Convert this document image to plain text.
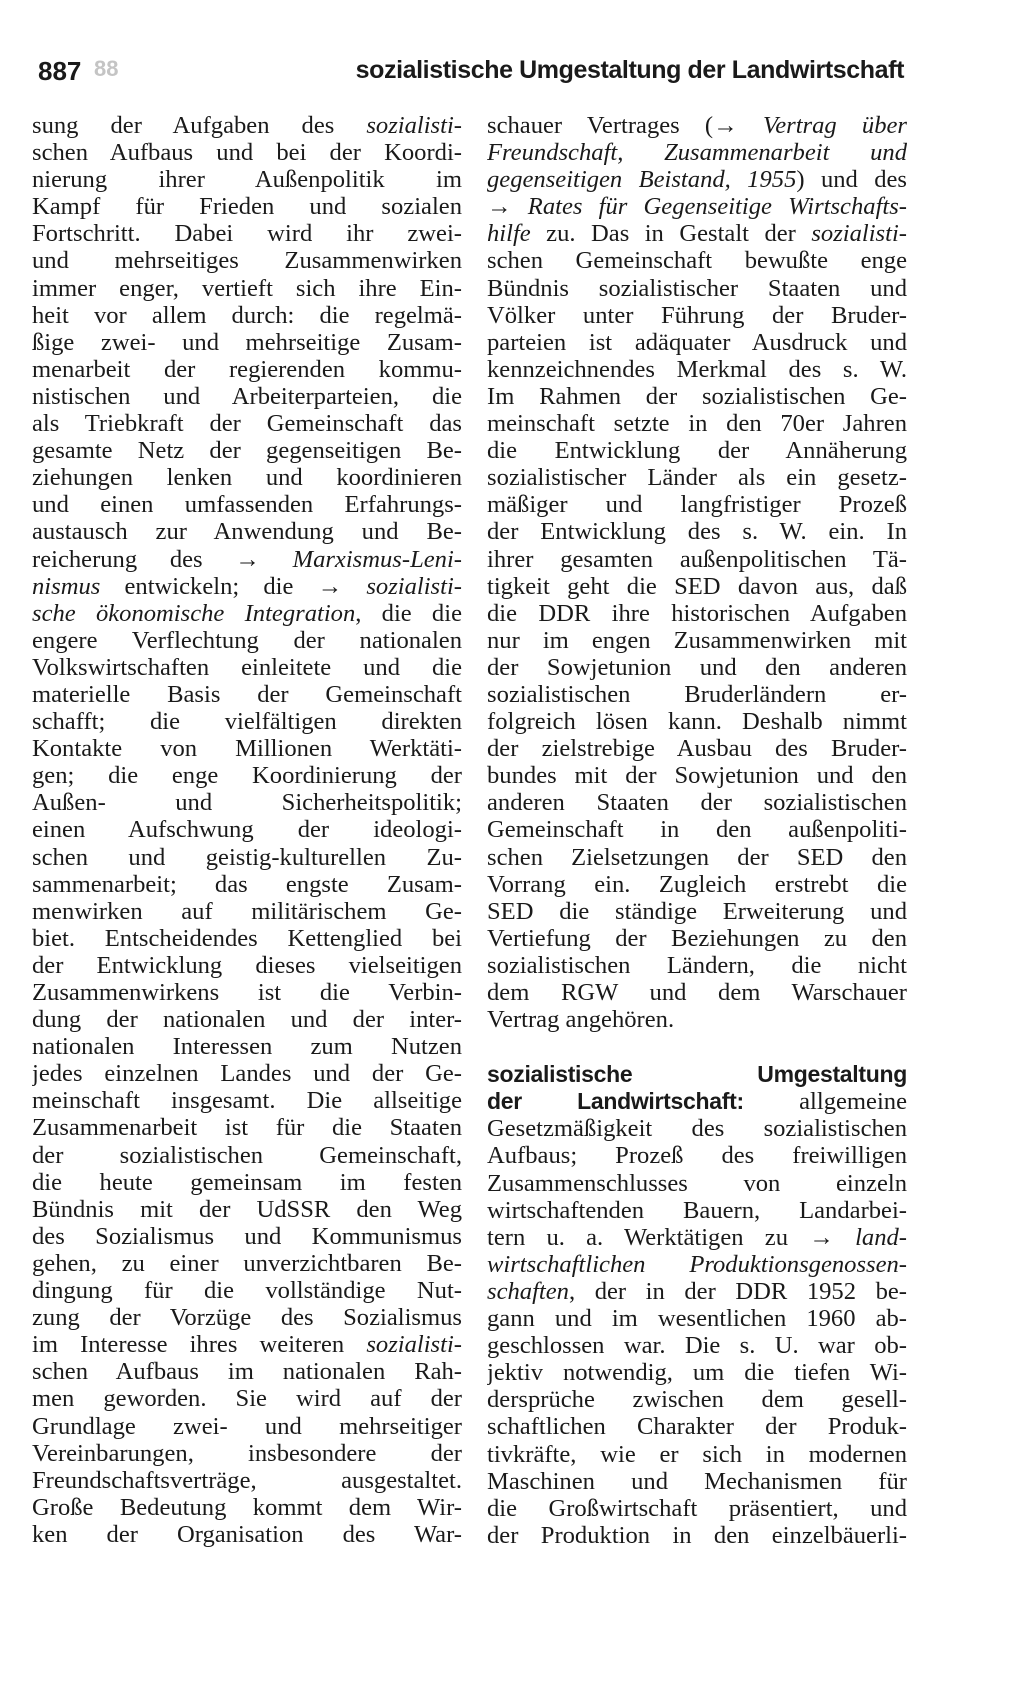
887 88	sozialistische Umgestaltung der Landwirtschaft
sung der Aufgaben des sozialisti-
schen Aufbaus und bei der Koordi-
nierung ihrer Außenpolitik im
Kampf für Frieden und sozialen
Fortschritt. Dabei wird ihr zwei-
und mehrseitiges Zusammenwirken
immer enger, vertieft sich ihre Ein-
heit vor allem durch: die regelmä-
ßige zwei- und mehrseitige Zusam-
menarbeit der regierenden kommu-
nistischen und Arbeiterparteien, die
als Triebkraft der Gemeinschaft das
gesamte Netz der gegenseitigen Be-
ziehungen lenken und koordinieren
und einen umfassenden Erfahrungs-
austausch zur Anwendung und Be-
reicherung des → Marxismus-Leni-
nismus entwickeln; die → sozialisti-
sche ökonomische Integration, die die
engere Verflechtung der nationalen
Volkswirtschaften einleitete und die
materielle Basis der Gemeinschaft
schafft; die vielfältigen direkten
Kontakte von Millionen Werktäti-
gen; die enge Koordinierung der
Außen- und Sicherheitspolitik;
einen Aufschwung der ideologi-
schen und geistig-kulturellen Zu-
sammenarbeit; das engste Zusam-
menwirken auf militärischem Ge-
biet. Entscheidendes Kettenglied bei
der Entwicklung dieses vielseitigen
Zusammenwirkens ist die Verbin-
dung der nationalen und der inter-
nationalen Interessen zum Nutzen
jedes einzelnen Landes und der Ge-
meinschaft insgesamt. Die allseitige
Zusammenarbeit ist für die Staaten
der sozialistischen Gemeinschaft,
die heute gemeinsam im festen
Bündnis mit der UdSSR den Weg
des Sozialismus und Kommunismus
gehen, zu einer unverzichtbaren Be-
dingung für die vollständige Nut-
zung der Vorzüge des Sozialismus
im Interesse ihres weiteren sozialisti-
schen Aufbaus im nationalen Rah-
men geworden. Sie wird auf der
Grundlage zwei- und mehrseitiger
Vereinbarungen, insbesondere der
Freundschaftsverträge, ausgestaltet.
Große Bedeutung kommt dem Wir-
ken der Organisation des War-
schauer Vertrages (→ Vertrag über
Freundschaft, Zusammenarbeit und
gegenseitigen Beistand, 1955) und des
→ Rates für Gegenseitige Wirtschafts-
hilfe zu. Das in Gestalt der sozialisti-
schen Gemeinschaft bewußte enge
Bündnis sozialistischer Staaten und
Völker unter Führung der Bruder-
parteien ist adäquater Ausdruck und
kennzeichnendes Merkmal des s. W.
Im Rahmen der sozialistischen Ge-
meinschaft setzte in den 70er Jahren
die Entwicklung der Annäherung
sozialistischer Länder als ein gesetz-
mäßiger und langfristiger Prozeß
der Entwicklung des s. W. ein. In
ihrer gesamten außenpolitischen Tä-
tigkeit geht die SED davon aus, daß
die DDR ihre historischen Aufgaben
nur im engen Zusammenwirken mit
der Sowjetunion und den anderen
sozialistischen Bruderländern er-
folgreich lösen kann. Deshalb nimmt
der zielstrebige Ausbau des Bruder-
bundes mit der Sowjetunion und den
anderen Staaten der sozialistischen
Gemeinschaft in den außenpoliti-
schen Zielsetzungen der SED den
Vorrang ein. Zugleich erstrebt die
SED die ständige Erweiterung und
Vertiefung der Beziehungen zu den
sozialistischen Ländern, die nicht
dem RGW und dem Warschauer
Vertrag angehören.
sozialistische Umgestaltung
der Landwirtschaft: allgemeine
Gesetzmäßigkeit des sozialistischen
Aufbaus; Prozeß des freiwilligen
Zusammenschlusses von einzeln
wirtschaftenden Bauern, Landarbei-
tern u. a. Werktätigen zu → land-
wirtschaftlichen Produktionsgenossen-
schaften, der in der DDR 1952 be-
gann und im wesentlichen 1960 ab-
geschlossen war. Die s. U. war ob-
jektiv notwendig, um die tiefen Wi-
dersprüche zwischen dem gesell-
schaftlichen Charakter der Produk-
tivkräfte, wie er sich in modernen
Maschinen und Mechanismen für
die Großwirtschaft präsentiert, und
der Produktion in den einzelbäuerli-
